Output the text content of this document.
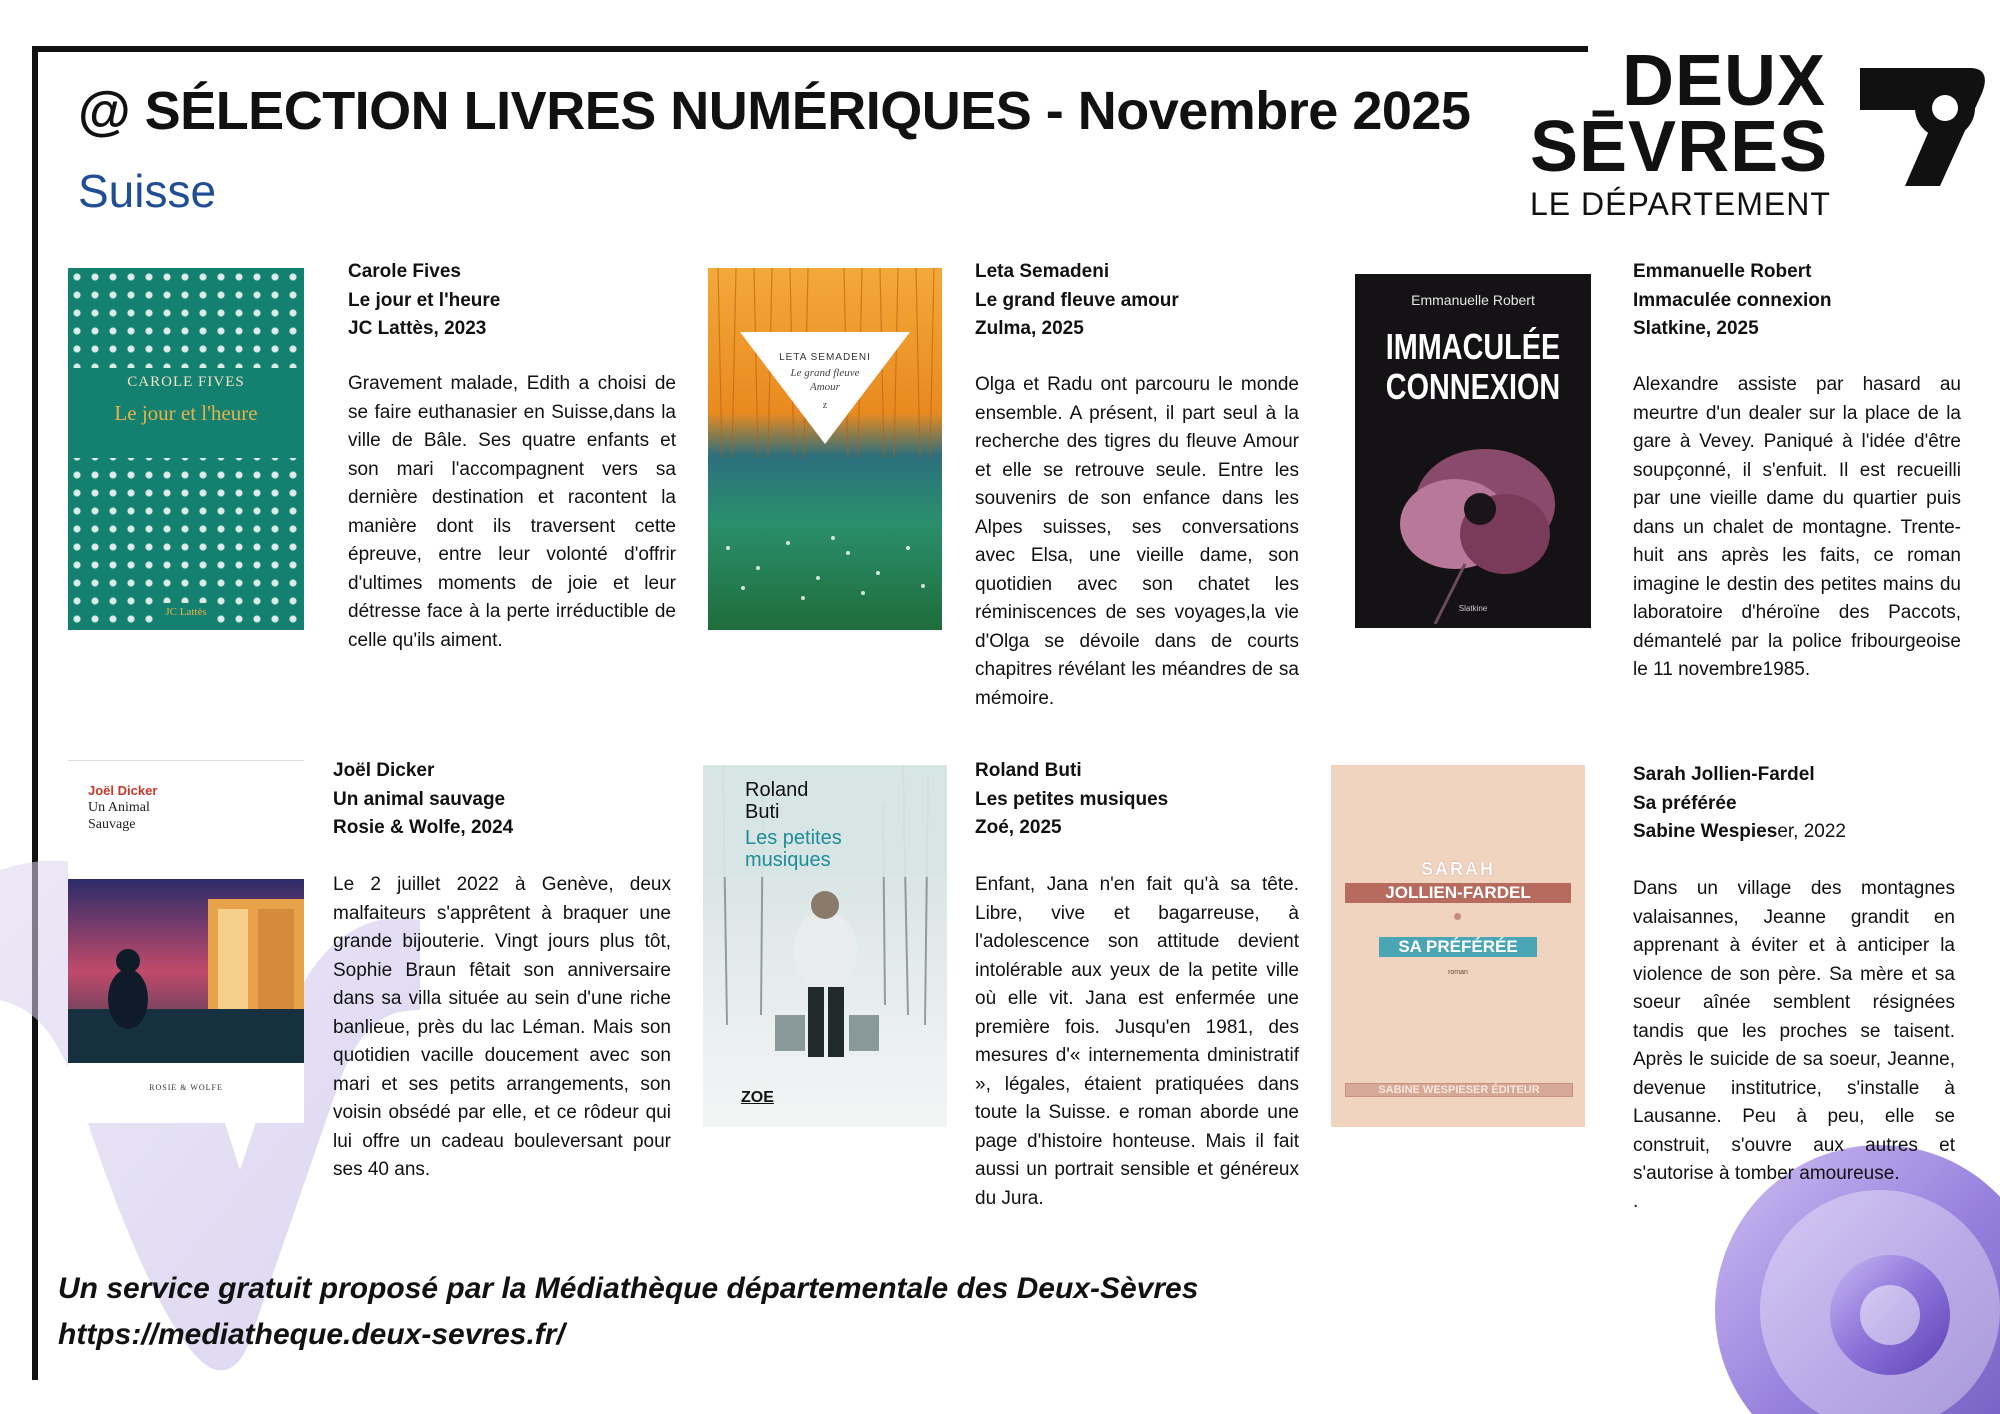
@ SÉLECTION LIVRES NUMÉRIQUES - Novembre 2025
Suisse
DEUX
SĒVRES
LE DÉPARTEMENT
79
CAROLE FIVES
Le jour et l'heure
JC Lattès
Carole Fives
Le jour et l'heure
JC Lattès, 2023
Gravement malade, Edith a choisi de se faire euthanasier en Suisse,dans la ville de Bâle. Ses quatre enfants et son mari l'accompagnent vers sa dernière destination et racontent la manière dont ils traversent cette épreuve, entre leur volonté d'offrir d'ultimes moments de joie et leur détresse face à la perte irréductible de celle qu'ils aiment.
LETA SEMADENI
Le grand fleuve Amour
z
Leta Semadeni
Le grand fleuve amour
Zulma, 2025
Olga et Radu ont parcouru le monde ensemble. A présent, il part seul à la recherche des tigres du fleuve Amour et elle se retrouve seule. Entre les souvenirs de son enfance dans les Alpes suisses, ses conversations avec Elsa, une vieille dame, son quotidien avec son chatet les réminiscences de ses voyages,la vie d'Olga se dévoile dans de courts chapitres révélant les méandres de sa mémoire.
Emmanuelle Robert
IMMACULÉE
CONNEXION
Slatkine
Emmanuelle Robert
Immaculée connexion
Slatkine, 2025
Alexandre assiste par hasard au meurtre d'un dealer sur la place de la gare à Vevey. Paniqué à l'idée d'être soupçonné, il s'enfuit. Il est recueilli par une vieille dame du quartier puis dans un chalet de montagne. Trente-huit ans après les faits, ce roman imagine le destin des petites mains du laboratoire d'héroïne des Paccots, démantelé par la police fribourgeoise le 11 novembre1985.
Joël Dicker
Un Animal
Sauvage
ROSIE & WOLFE
Joël Dicker
Un animal sauvage
Rosie & Wolfe, 2024
Le 2 juillet 2022 à Genève, deux malfaiteurs s'apprêtent à braquer une grande bijouterie. Vingt jours plus tôt, Sophie Braun fêtait son anniversaire dans sa villa située au sein d'une riche banlieue, près du lac Léman. Mais son quotidien vacille doucement avec son mari et ses petits arrangements, son voisin obsédé par elle, et ce rôdeur qui lui offre un cadeau bouleversant pour ses 40 ans.
Roland
Buti
Les petites
musiques
ZOE
Roland Buti
Les petites musiques
Zoé, 2025
Enfant, Jana n'en fait qu'à sa tête. Libre, vive et bagarreuse, à l'adolescence son attitude devient intolérable aux yeux de la petite ville où elle vit. Jana est enfermée une première fois. Jusqu'en 1981, des mesures d'« internementa dministratif », légales, étaient pratiquées dans toute la Suisse. e roman aborde une page d'histoire honteuse. Mais il fait aussi un portrait sensible et généreux du Jura.
SARAH
JOLLIEN-FARDEL
SA PRÉFÉRÉE
roman
SABINE WESPIESER ÉDITEUR
Sarah Jollien-Fardel
Sa préférée
Sabine Wespieser, 2022
Dans un village des montagnes valaisannes, Jeanne grandit en apprenant à éviter et à anticiper la violence de son père. Sa mère et sa soeur aînée semblent résignées tandis que les proches se taisent. Après le suicide de sa soeur, Jeanne, devenue institutrice, s'installe à Lausanne. Peu à peu, elle se construit, s'ouvre aux autres et s'autorise à tomber amoureuse.
.
Un service gratuit proposé par la Médiathèque départementale des Deux-Sèvres
https://mediatheque.deux-sevres.fr/
